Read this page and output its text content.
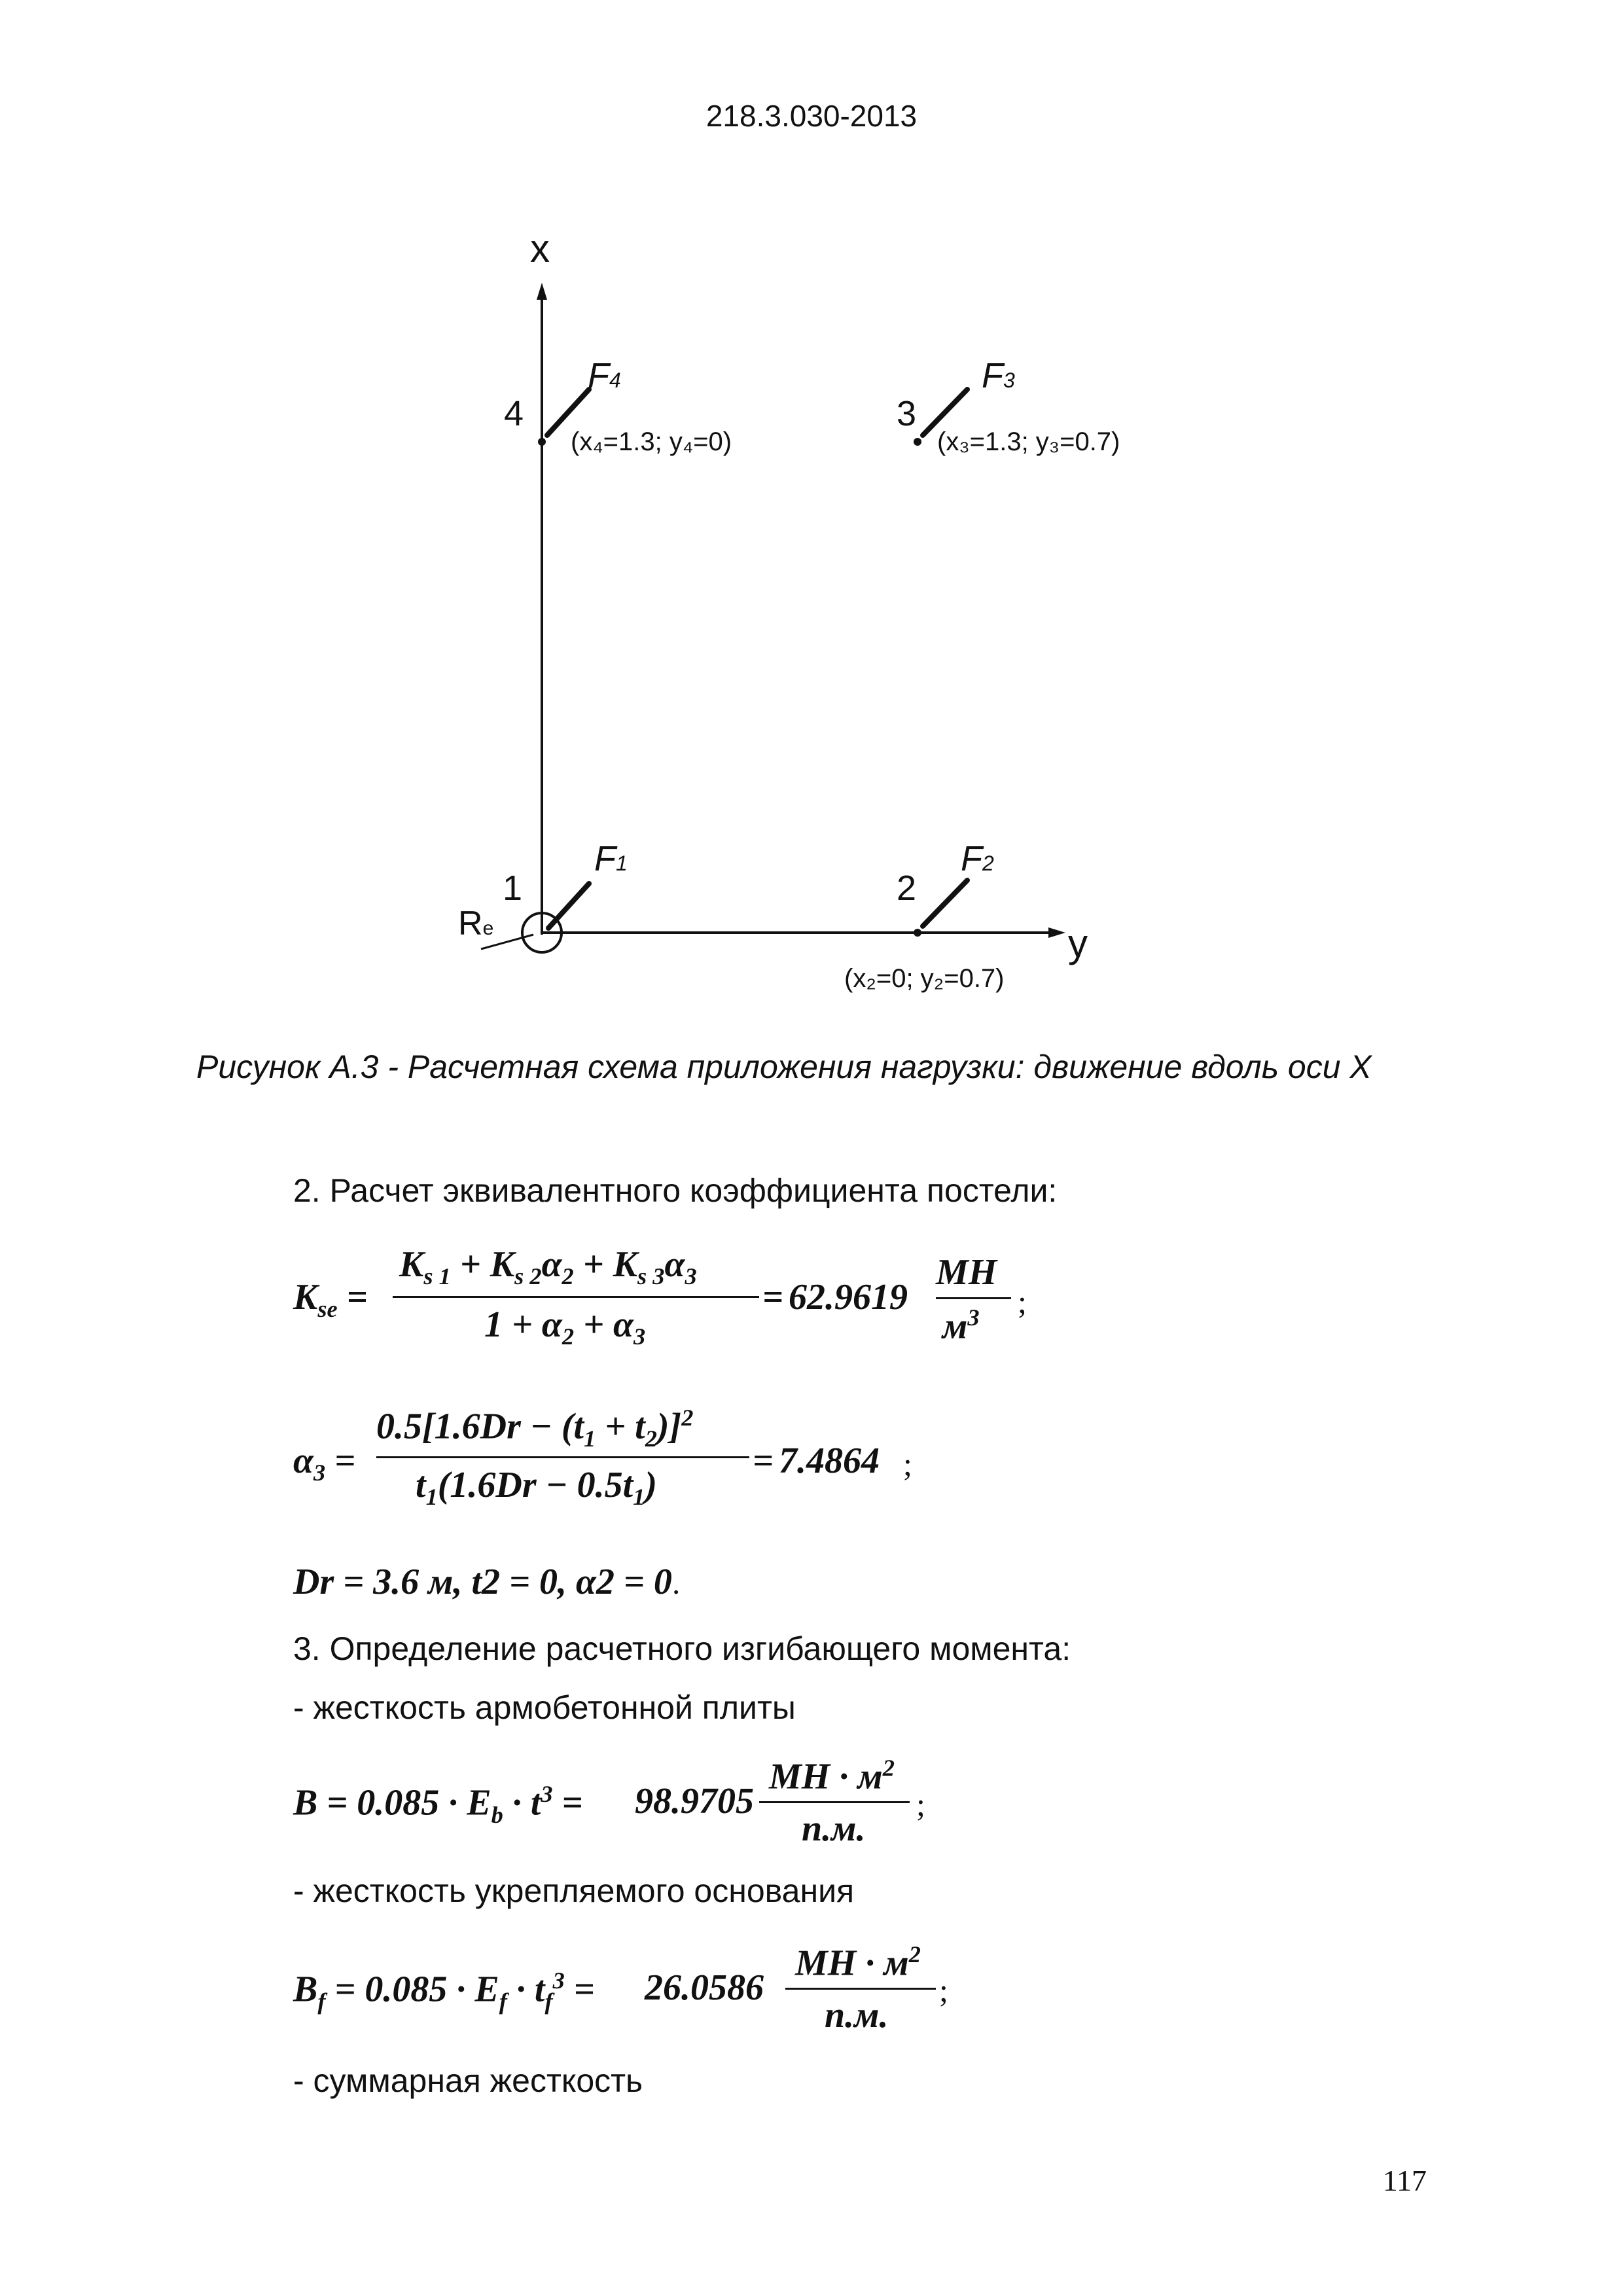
218.3.030-2013
x
y
Re
1
F1
2
F2
(x₂=0; y₂=0.7)
3
F3
(x₃=1.3; y₃=0.7)
4
F4
(x₄=1.3; y₄=0)
Рисунок А.3 - Расчетная схема приложения нагрузки: движение вдоль оси X
2. Расчет эквивалентного коэффициента постели:
$K_{se}$ =
$K_{s 1} + K_{s 2}\alpha_2 + K_{s 3}\alpha_3$
$1 + \alpha_2 + \alpha_3$
= 62.9619
МН
$м^3$ ;
$\alpha_3$ =
$0.5[1.6Dr - (t_1 + t_2)]^2$
$t_1(1.6Dr - 0.5t_1)$
= 7.4864 ;
Dr = 3.6 м, t2 = 0, α2 = 0.
3. Определение расчетного изгибающего момента:
- жесткость армобетонной плиты
$B = 0.085 \cdot E_b \cdot t^3 = 98.9705$
МН · $м^2$
п.м.
;
- жесткость укрепляемого основания
$B_f = 0.085 \cdot E_f \cdot t_f^3 = 26.0586$
МН · $м^2$
п.м.
;
- суммарная жесткость
117
